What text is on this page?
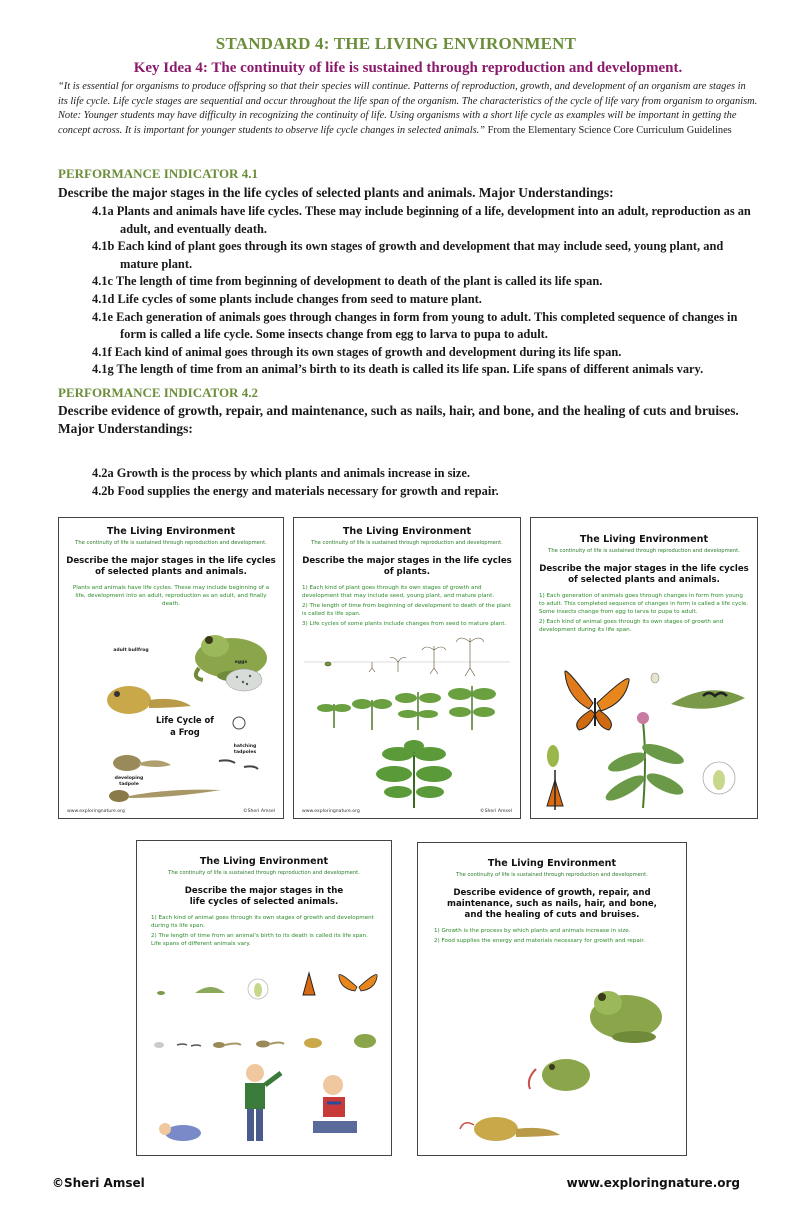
STANDARD 4: THE LIVING ENVIRONMENT
Key Idea 4: The continuity of life is sustained through reproduction and development.
“It is essential for organisms to produce offspring so that their species will continue. Patterns of reproduction, growth, and development of an organism are stages in its life cycle. Life cycle stages are sequential and occur throughout the life span of the organism. The characteristics of the cycle of life vary from organism to organism. Note: Younger students may have difficulty in recognizing the continuity of life. Using organisms with a short life cycle as examples will be important in getting the concept across. It is important for younger students to observe life cycle changes in selected animals.” From the Elementary Science Core Curriculum Guidelines
PERFORMANCE INDICATOR 4.1
Describe the major stages in the life cycles of selected plants and animals. Major Understandings:
4.1a Plants and animals have life cycles. These may include beginning of a life, development into an adult, reproduction as an adult, and eventually death.
4.1b Each kind of plant goes through its own stages of growth and development that may include seed, young plant, and mature plant.
4.1c The length of time from beginning of development to death of the plant is called its life span.
4.1d Life cycles of some plants include changes from seed to mature plant.
4.1e Each generation of animals goes through changes in form from young to adult. This completed sequence of changes in form is called a life cycle. Some insects change from egg to larva to pupa to adult.
4.1f Each kind of animal goes through its own stages of growth and development during its life span.
4.1g The length of time from an animal’s birth to its death is called its life span. Life spans of different animals vary.
PERFORMANCE INDICATOR 4.2
Describe evidence of growth, repair, and maintenance, such as nails, hair, and bone, and the healing of cuts and bruises. Major Understandings:
4.2a Growth is the process by which plants and animals increase in size.
4.2b Food supplies the energy and materials necessary for growth and repair.
The Living Environment
The continuity of life is sustained through reproduction and development.
Describe the major stages in the life cycles of selected plants and animals.
Plants and animals have life cycles. These may include beginning of a life, development into an adult, reproduction as an adult, and finally death.
adult bullfrog
eggs
Life Cycle of a Frog
hatching tadpoles
developing tadpole
www.exploringnature.org	©Sheri Amsel
The Living Environment
The continuity of life is sustained through reproduction and development.
Describe the major stages in the life cycles of plants.

1) Each kind of plant goes through its own stages of growth and development that may include seed, young plant, and mature plant.

2) The length of time from beginning of development to death of the plant is called its life span.

3) Life cycles of some plants include changes from seed to mature plant.

www.exploringnature.org	©Sheri Amsel
The Living Environment
The continuity of life is sustained through reproduction and development.
Describe the major stages in the life cycles of selected plants and animals.

1) Each generation of animals goes through changes in form from young to adult. This completed sequence of changes in form is called a life cycle. Some insects change from egg to larva to pupa to adult.

2) Each kind of animal goes through its own stages of growth and development during its life span.

The Living Environment
The continuity of life is sustained through reproduction and development.
Describe the major stages in the life cycles of selected animals.

1) Each kind of animal goes through its own stages of growth and development during its life span.

2) The length of time from an animal's birth to its death is called its life span. Life spans of different animals vary.

The Living Environment
The continuity of life is sustained through reproduction and development.
Describe evidence of growth, repair, and maintenance, such as nails, hair, and bone, and the healing of cuts and bruises.

1) Growth is the process by which plants and animals increase in size.

2) Food supplies the energy and materials necessary for growth and repair.

©Sheri Amsel	www.exploringnature.org
